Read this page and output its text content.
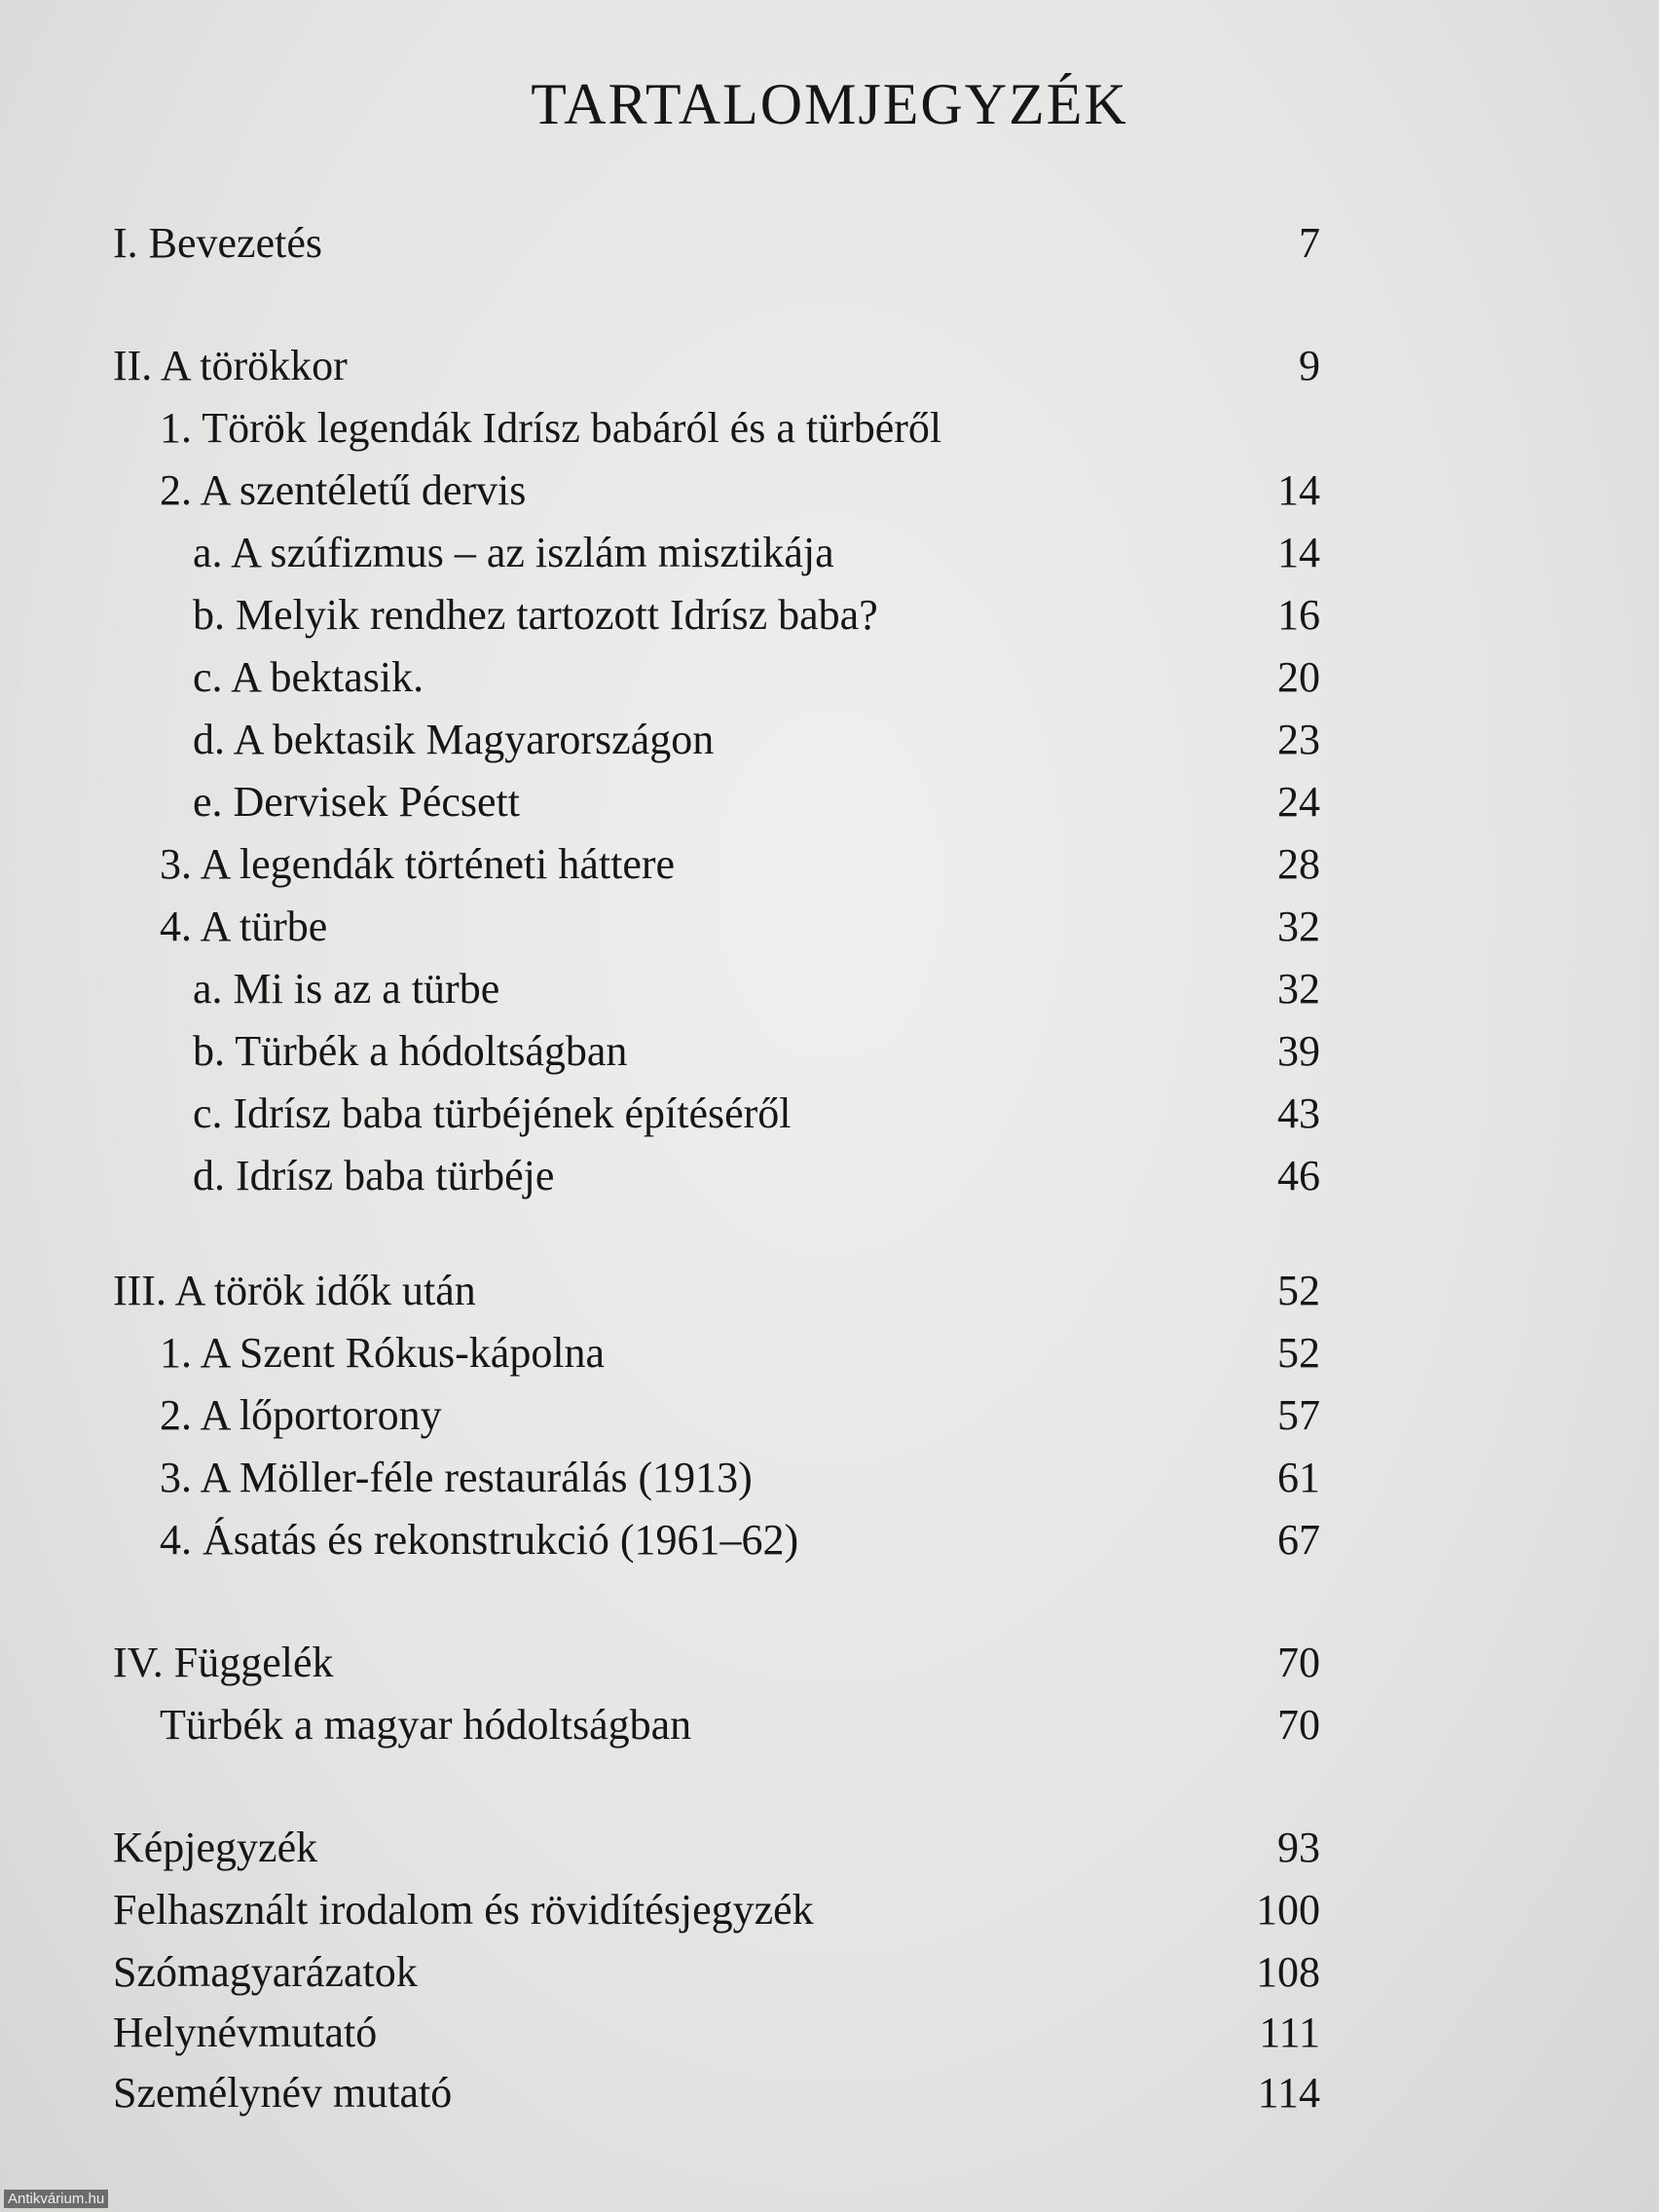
TARTALOMJEGYZÉK
I. Bevezetés	7
II. A törökkor	9
1. Török legendák Idrísz babáról és a türbéről
2. A szentéletű dervis	14
a. A szúfizmus – az iszlám misztikája	14
b. Melyik rendhez tartozott Idrísz baba?	16
c. A bektasik.	20
d. A bektasik Magyarországon	23
e. Dervisek Pécsett	24
3. A legendák történeti háttere	28
4. A türbe	32
a. Mi is az a türbe	32
b. Türbék a hódoltságban	39
c. Idrísz baba türbéjének építéséről	43
d. Idrísz baba türbéje	46
III. A török idők után	52
1. A Szent Rókus-kápolna	52
2. A lőportorony	57
3. A Möller-féle restaurálás (1913)	61
4. Ásatás és rekonstrukció (1961–62)	67
IV. Függelék	70
Türbék a magyar hódoltságban	70
Képjegyzék	93
Felhasznált irodalom és rövidítésjegyzék	100
Szómagyarázatok	108
Helynévmutató	111
Személynév mutató	114
Antikvárium.hu
